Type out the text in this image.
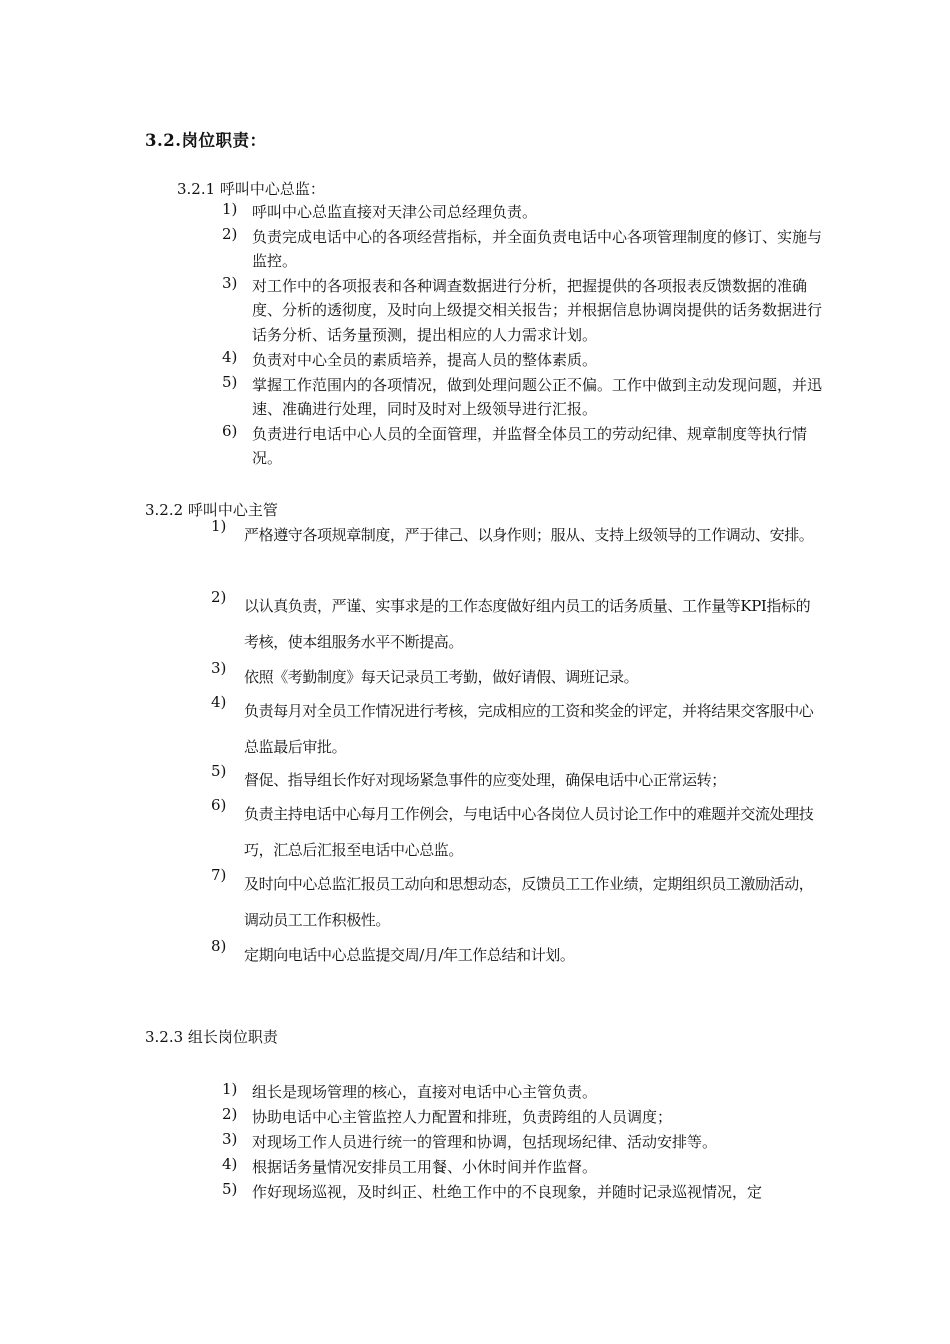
3.2.岗位职责：
3.2.1 呼叫中心总监：
1) 呼叫中心总监直接对天津公司总经理负责。
2) 负责完成电话中心的各项经营指标，并全面负责电话中心各项管理制度的修订、实施与监控。
3) 对工作中的各项报表和各种调查数据进行分析，把握提供的各项报表反馈数据的准确度、分析的透彻度，及时向上级提交相关报告；并根据信息协调岗提供的话务数据进行话务分析、话务量预测，提出相应的人力需求计划。
4) 负责对中心全员的素质培养，提高人员的整体素质。
5) 掌握工作范围内的各项情况，做到处理问题公正不偏。工作中做到主动发现问题，并迅速、准确进行处理，同时及时对上级领导进行汇报。
6) 负责进行电话中心人员的全面管理，并监督全体员工的劳动纪律、规章制度等执行情况。
3.2.2 呼叫中心主管
1)	严格遵守各项规章制度，严于律己、以身作则；服从、支持上级领导的工作调动、安排。
2)	以认真负责，严谨、实事求是的工作态度做好组内员工的话务质量、工作量等KPI指标的考核，使本组服务水平不断提高。
3)	依照《考勤制度》每天记录员工考勤，做好请假、调班记录。
4)	负责每月对全员工作情况进行考核，完成相应的工资和奖金的评定，并将结果交客服中心总监最后审批。
5)	督促、指导组长作好对现场紧急事件的应变处理，确保电话中心正常运转；
6)	负责主持电话中心每月工作例会，与电话中心各岗位人员讨论工作中的难题并交流处理技巧，汇总后汇报至电话中心总监。
7)	及时向中心总监汇报员工动向和思想动态，反馈员工工作业绩，定期组织员工激励活动，调动员工工作积极性。
8)	定期向电话中心总监提交周/月/年工作总结和计划。
3.2.3 组长岗位职责
1) 组长是现场管理的核心，直接对电话中心主管负责。
2) 协助电话中心主管监控人力配置和排班，负责跨组的人员调度；
3) 对现场工作人员进行统一的管理和协调，包括现场纪律、活动安排等。
4) 根据话务量情况安排员工用餐、小休时间并作监督。
5) 作好现场巡视，及时纠正、杜绝工作中的不良现象，并随时记录巡视情况，定
